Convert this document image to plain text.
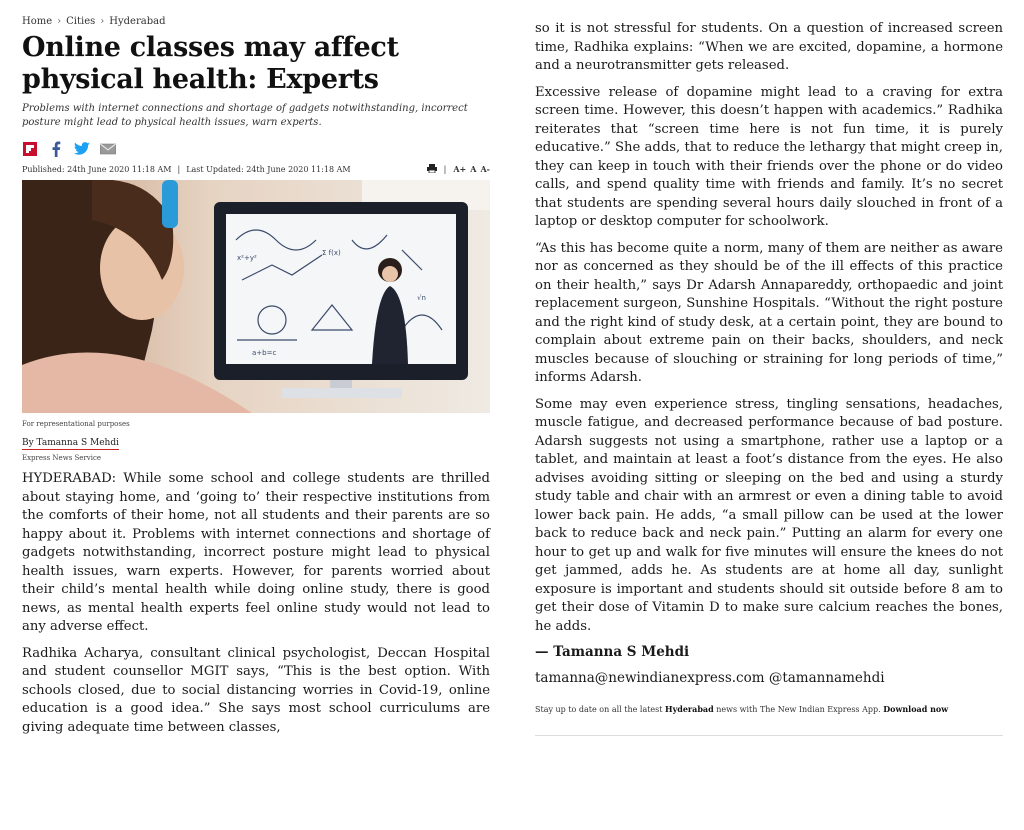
Home › Cities › Hyderabad
Online classes may affect physical health: Experts

Problems with internet connections and shortage of gadgets notwithstanding, incorrect posture might lead to physical health issues, warn experts.

Published: 24th June 2020 11:18 AM | Last Updated: 24th June 2020 11:18 AM	| A+ A A-
x²+y²
Σ f(x)
a+b=c
√n
For representational purposes
By Tamanna S Mehdi
Express News Service

HYDERABAD: While some school and college students are thrilled about staying home, and ‘going to’ their respective institutions from the comforts of their home, not all students and their parents are so happy about it. Problems with internet connections and shortage of gadgets notwithstanding, incorrect posture might lead to physical health issues, warn experts. However, for parents worried about their child’s mental health while doing online study, there is good news, as mental health experts feel online study would not lead to any adverse effect.

Radhika Acharya, consultant clinical psychologist, Deccan Hospital and student counsellor MGIT says, “This is the best option. With schools closed, due to social distancing worries in Covid-19, online education is a good idea.” She says most school curriculums are giving adequate time between classes,

so it is not stressful for students. On a question of increased screen time, Radhika explains: “When we are excited, dopamine, a hormone and a neurotransmitter gets released.

Excessive release of dopamine might lead to a craving for extra screen time. However, this doesn’t happen with academics.” Radhika reiterates that “screen time here is not fun time, it is purely educative.” She adds, that to reduce the lethargy that might creep in, they can keep in touch with their friends over the phone or do video calls, and spend quality time with friends and family. It’s no secret that students are spending several hours daily slouched in front of a laptop or desktop computer for schoolwork.

“As this has become quite a norm, many of them are neither as aware nor as concerned as they should be of the ill effects of this practice on their health,” says Dr Adarsh Annapareddy, orthopaedic and joint replacement surgeon, Sunshine Hospitals. “Without the right posture and the right kind of study desk, at a certain point, they are bound to complain about extreme pain on their backs, shoulders, and neck muscles because of slouching or straining for long periods of time,” informs Adarsh.

Some may even experience stress, tingling sensations, headaches, muscle fatigue, and decreased performance because of bad posture. Adarsh suggests not using a smartphone, rather use a laptop or a tablet, and maintain at least a foot’s distance from the eyes. He also advises avoiding sitting or sleeping on the bed and using a sturdy study table and chair with an armrest or even a dining table to avoid lower back pain. He adds, “a small pillow can be used at the lower back to reduce back and neck pain.” Putting an alarm for every one hour to get up and walk for five minutes will ensure the knees do not get jammed, adds he. As students are at home all day, sunlight exposure is important and students should sit outside before 8 am to get their dose of Vitamin D to make sure calcium reaches the bones, he adds.

— Tamanna S Mehdi
tamanna@newindianexpress.com @tamannamehdi
Stay up to date on all the latest Hyderabad news with The New Indian Express App. Download now
